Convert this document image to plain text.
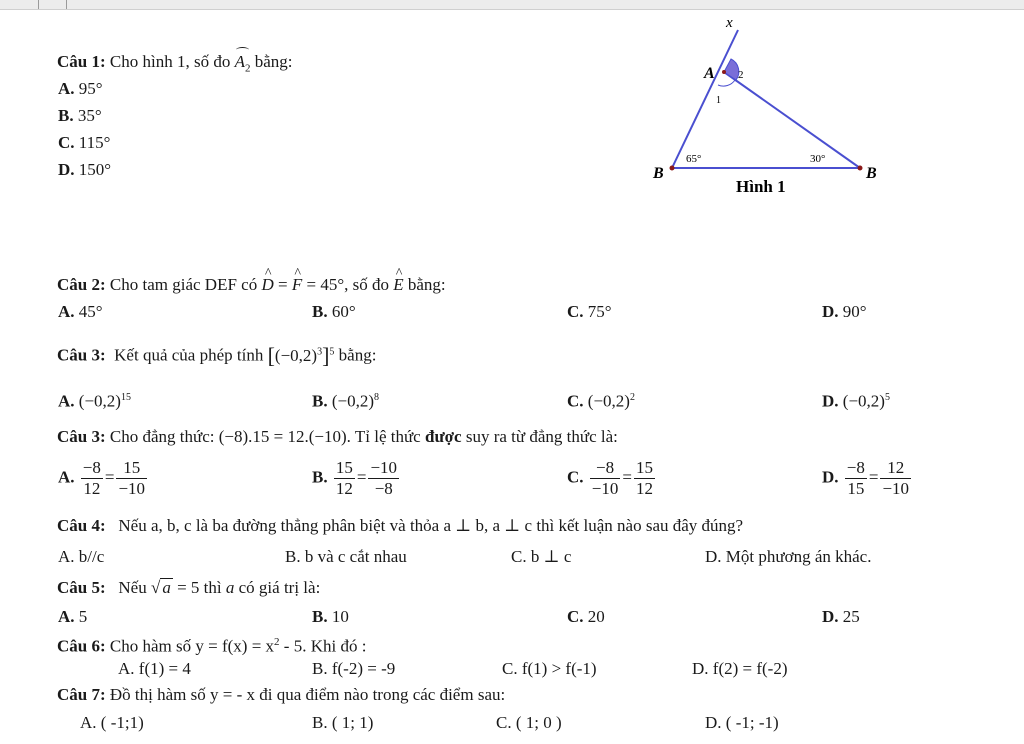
Câu 1: Cho hình 1, số đo $A_2$ bằng:
A. 95°
B. 35°
C. 115°
D. 150°
x
A 2
1
65°	30°
B	B
Hình 1
Câu 2: Cho tam giác DEF có ^ D = ^ F = 45°, số đo ^ E bằng:
A. 45°	B. 60°	C. 75°	D. 90°
Câu 3: Kết quả của phép tính $[(-0,2)^3]^5$ bằng:
A. $(-0,2)^{15}$	B. $(-0,2)^8$	C. $(-0,2)^2$	D. $(-0,2)^5$
Câu 3: Cho đẳng thức: (−8).15 = 12.(−10). Tỉ lệ thức được suy ra từ đẳng thức là:
A. $\frac{-8}{12} = \frac{15}{-10}$	B. $\frac{15}{12} = \frac{-10}{-8}$	C. $\frac{-8}{-10} = \frac{15}{12}$	D. $\frac{-8}{15} = \frac{12}{-10}$
Câu 4: Nếu a, b, c là ba đường thẳng phân biệt và thỏa a ⊥ b, a ⊥ c thì kết luận nào sau đây đúng?
A. b//c	B. b và c cắt nhau	C. b ⊥ c	D. Một phương án khác.
Câu 5: Nếu √ a = 5 thì a có giá trị là:
A. 5	B. 10	C. 20	D. 25
Câu 6: Cho hàm số $y = f(x) = x^2 - 5$. Khi đó :
A. f(1) = 4	B. f(-2) = -9	C. f(1) > f(-1)	D. f(2) = f(-2)
Câu 7: Đồ thị hàm số y = - x đi qua điểm nào trong các điểm sau:
A. ( -1;1)	B. ( 1; 1)	C. ( 1; 0 )	D. ( -1; -1)
